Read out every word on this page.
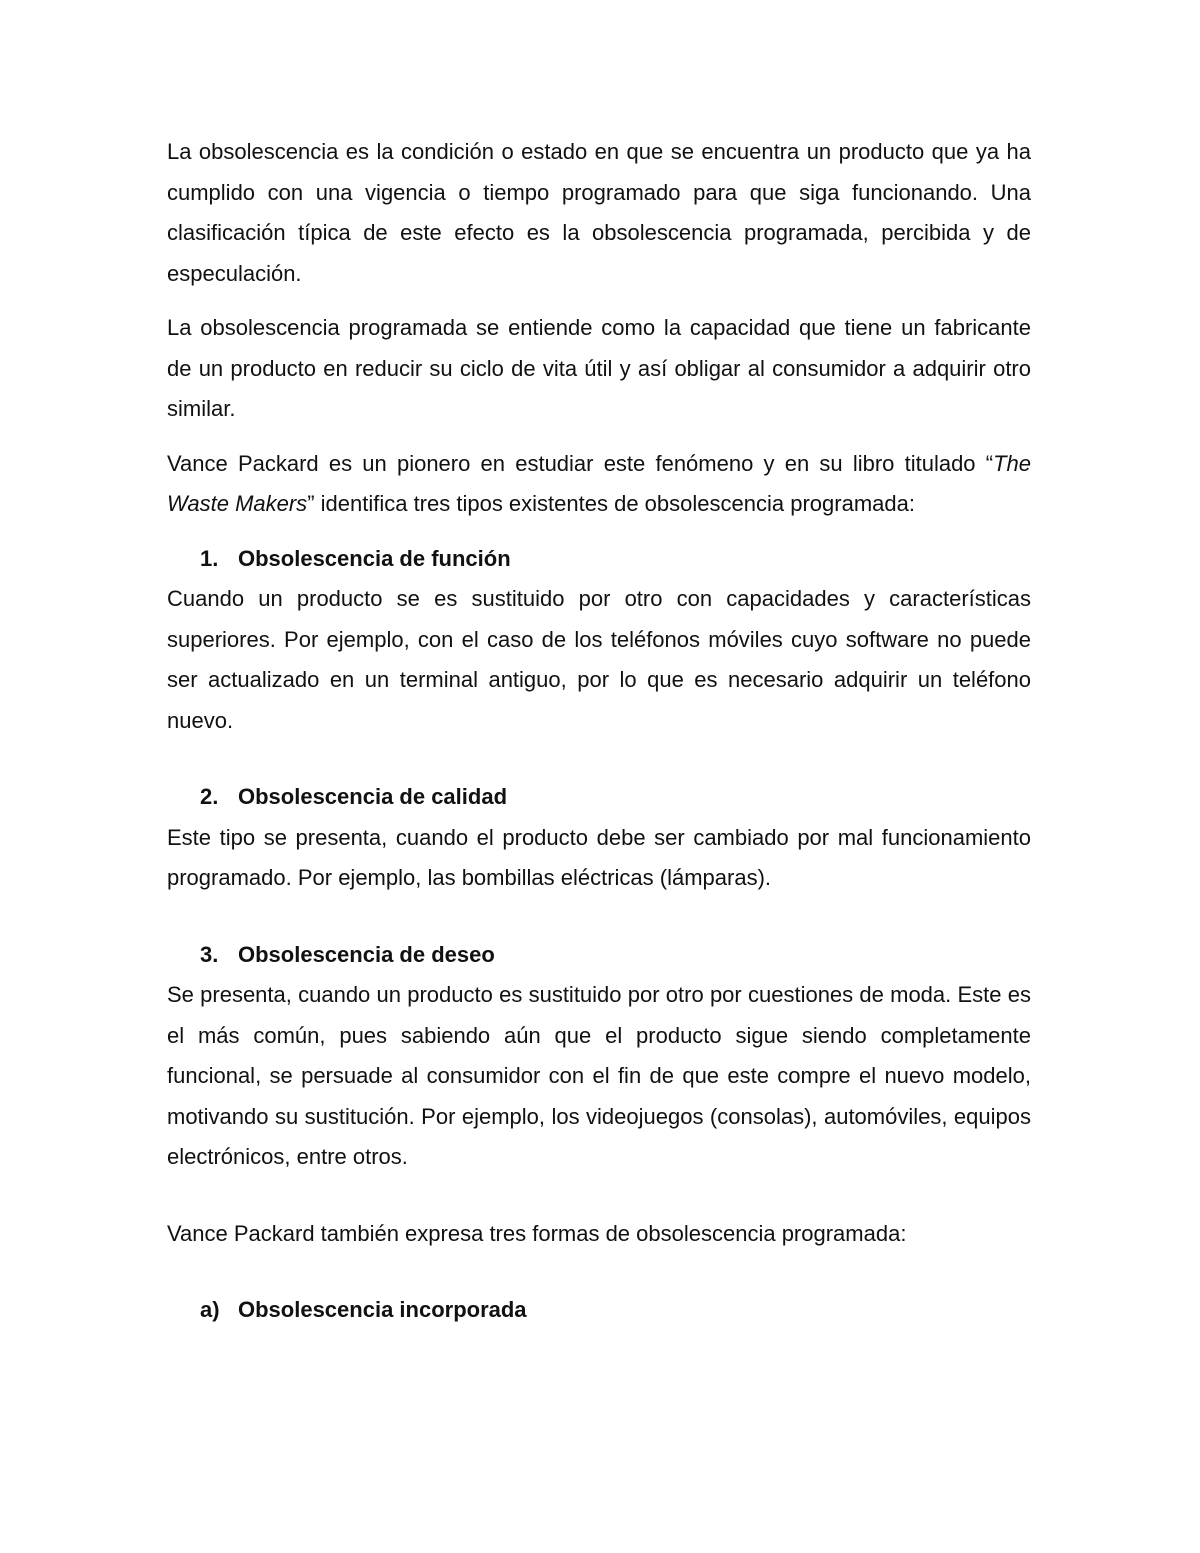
La obsolescencia es la condición o estado en que se encuentra un producto que ya ha cumplido con una vigencia o tiempo programado para que siga funcionando. Una clasificación típica de este efecto es la obsolescencia programada, percibida y de especulación.

La obsolescencia programada se entiende como la capacidad que tiene un fabricante de un producto en reducir su ciclo de vita útil y así obligar al consumidor a adquirir otro similar.

Vance Packard es un pionero en estudiar este fenómeno y en su libro titulado “The Waste Makers” identifica tres tipos existentes de obsolescencia programada:

1. Obsolescencia de función

Cuando un producto se es sustituido por otro con capacidades y características superiores. Por ejemplo, con el caso de los teléfonos móviles cuyo software no puede ser actualizado en un terminal antiguo, por lo que es necesario adquirir un teléfono nuevo.

2. Obsolescencia de calidad

Este tipo se presenta, cuando el producto debe ser cambiado por mal funcionamiento programado. Por ejemplo, las bombillas eléctricas (lámparas).

3. Obsolescencia de deseo

Se presenta, cuando un producto es sustituido por otro por cuestiones de moda. Este es el más común, pues sabiendo aún que el producto sigue siendo completamente funcional, se persuade al consumidor con el fin de que este compre el nuevo modelo, motivando su sustitución. Por ejemplo, los videojuegos (consolas), automóviles, equipos electrónicos, entre otros.

Vance Packard también expresa tres formas de obsolescencia programada:

a) Obsolescencia incorporada
